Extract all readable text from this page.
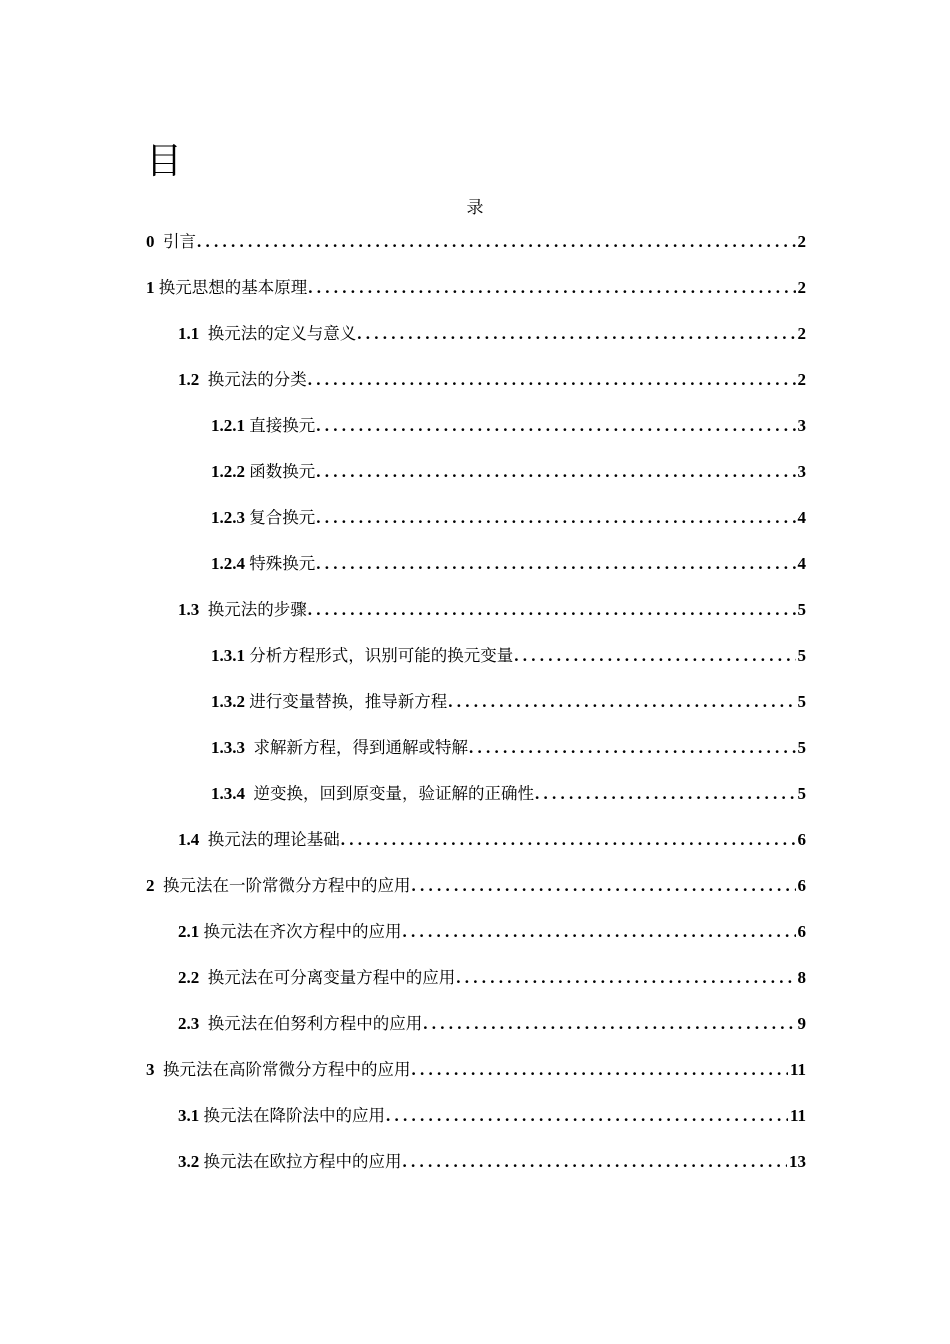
目
录
0 引言 . . .	2
1 换元思想的基本原理 . . .	2
1.1 换元法的定义与意义 . . .	2
1.2 换元法的分类 . . .	2
1.2.1 直接换元 . . .	3
1.2.2 函数换元 . . .	3
1.2.3 复合换元 . . .	4
1.2.4 特殊换元 . . .	4
1.3 换元法的步骤 . . .	5
1.3.1 分析方程形式，识别可能的换元变量 . . .	5
1.3.2 进行变量替换，推导新方程 . . .	5
1.3.3 求解新方程，得到通解或特解 . . .	5
1.3.4 逆变换，回到原变量，验证解的正确性 . . .	5
1.4 换元法的理论基础 . . .	6
2 换元法在一阶常微分方程中的应用 . . .	6
2.1 换元法在齐次方程中的应用 . . .	6
2.2 换元法在可分离变量方程中的应用 . . .	8
2.3 换元法在伯努利方程中的应用 . . .	9
3 换元法在高阶常微分方程中的应用 . . .	11
3.1 换元法在降阶法中的应用 . . .	11
3.2 换元法在欧拉方程中的应用 . . .	13
